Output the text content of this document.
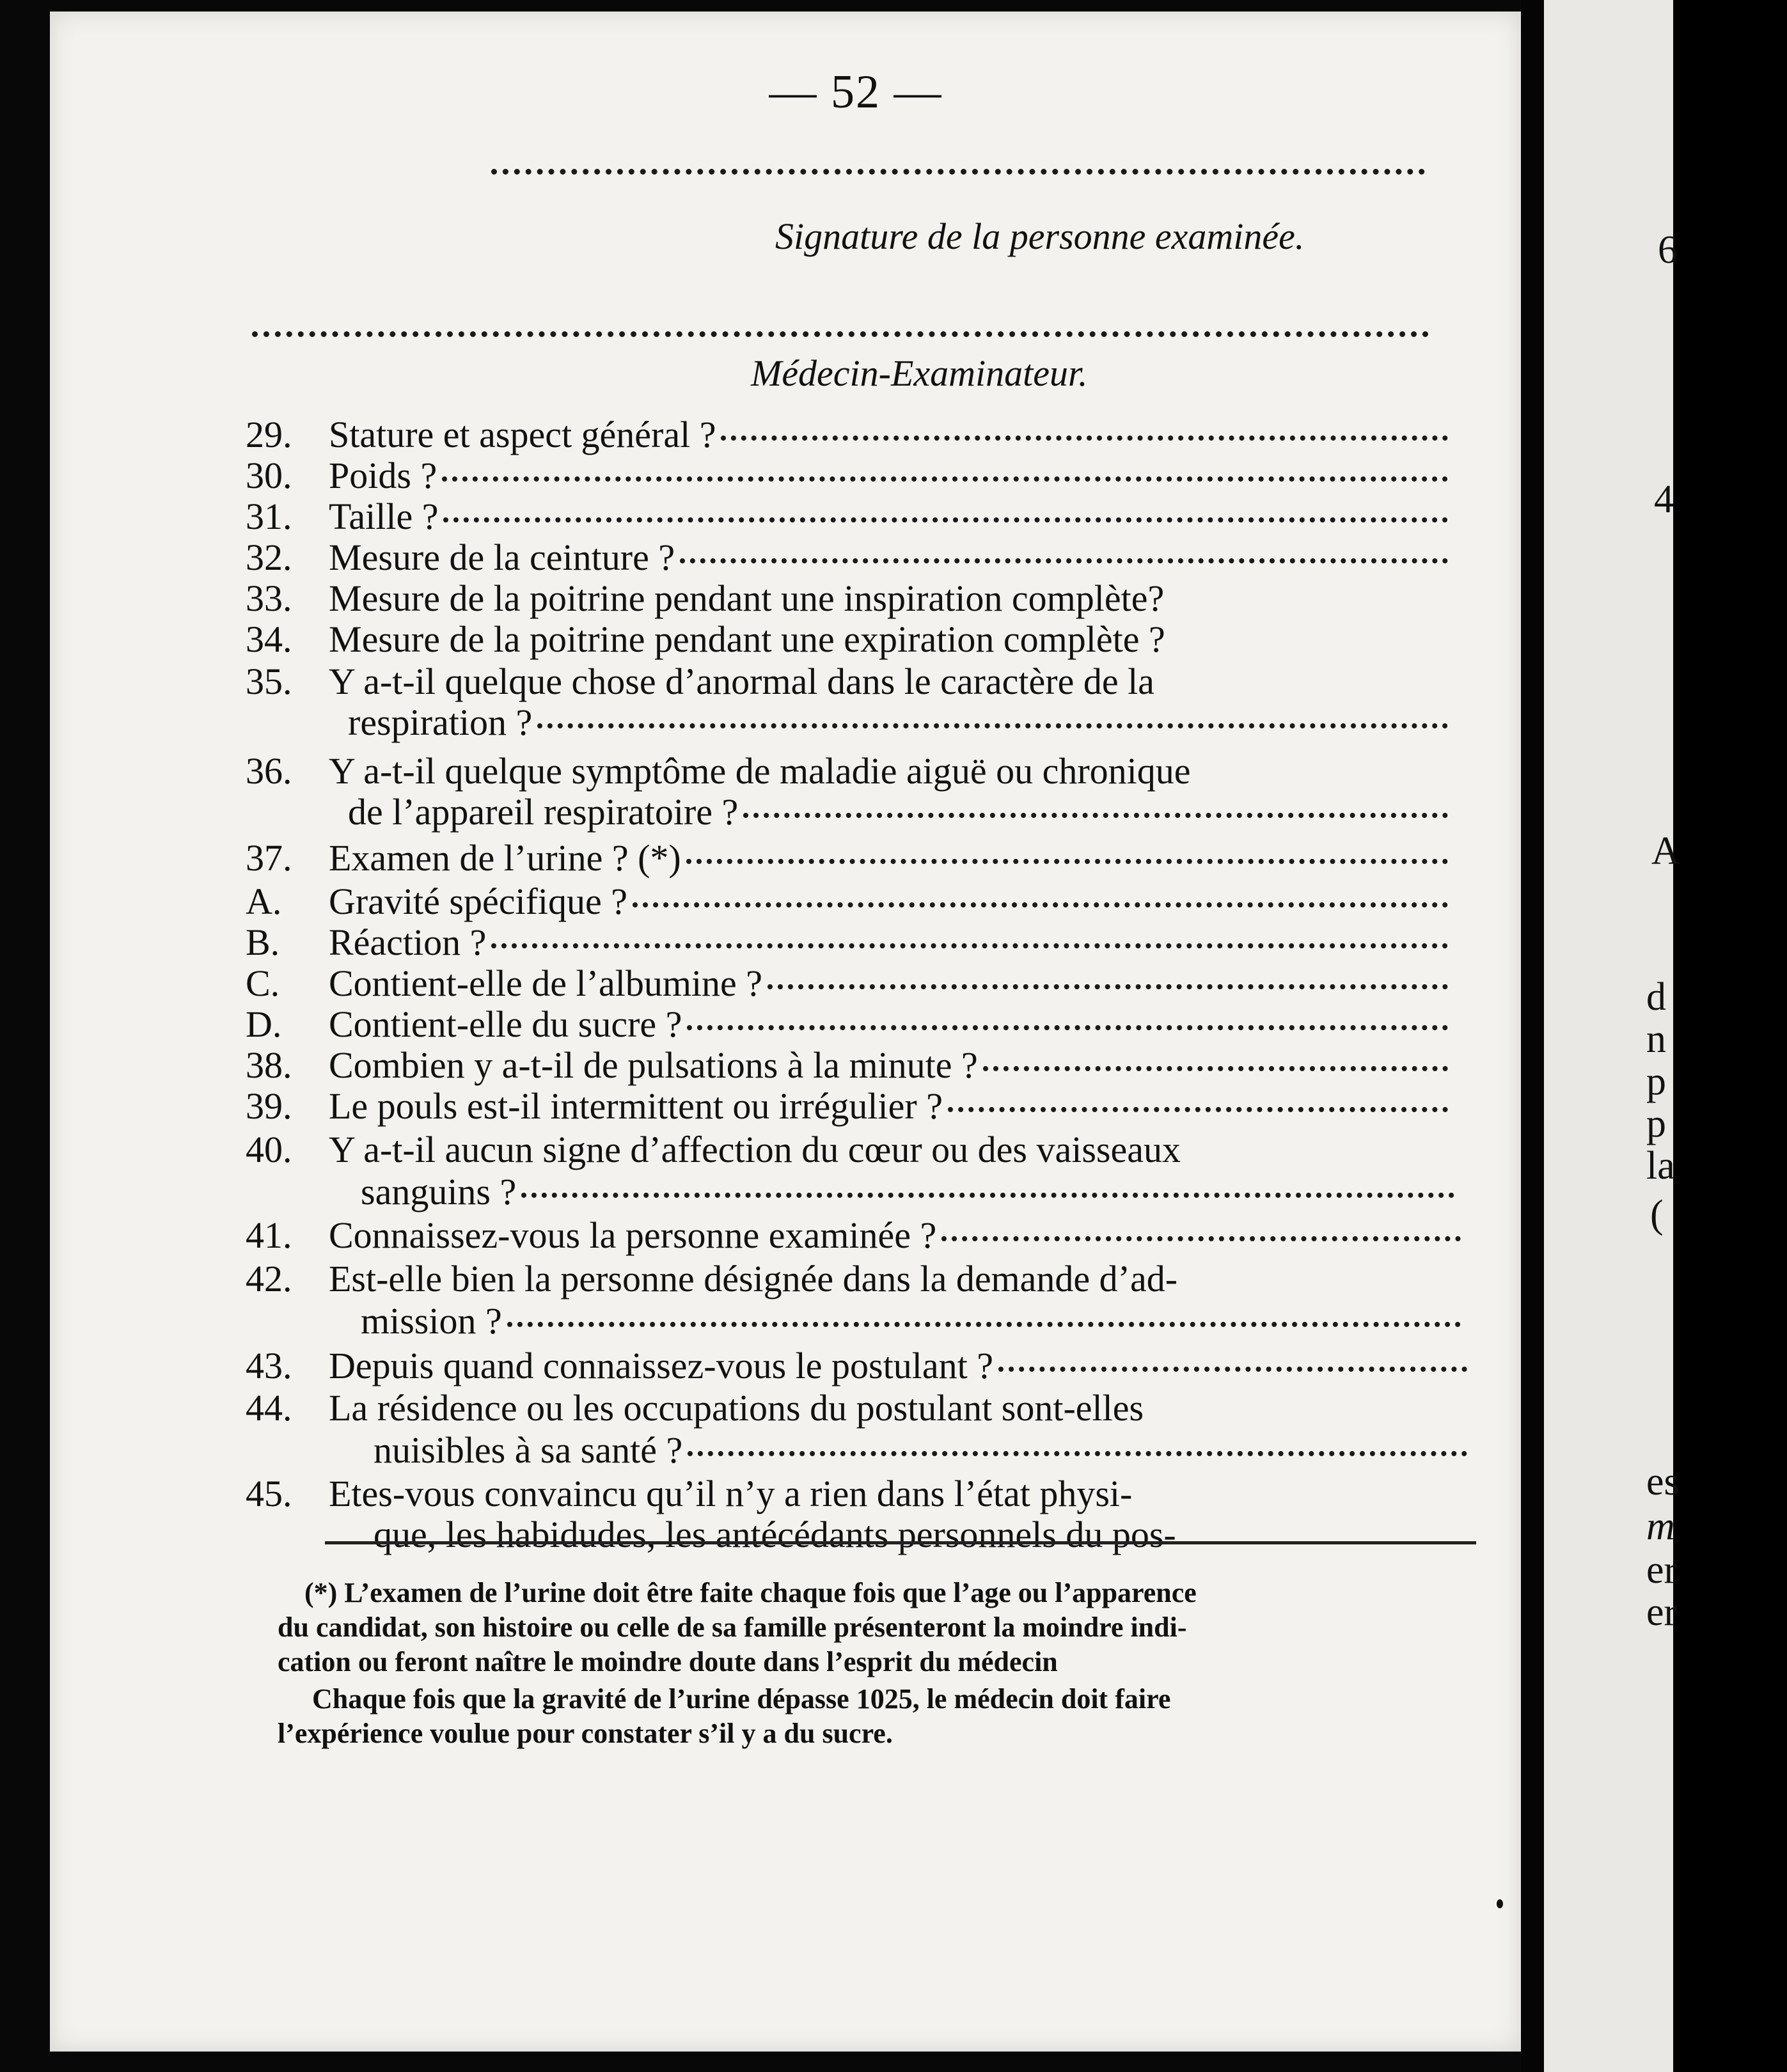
— 52 —
Signature de la personne examinée.
Médecin-Examinateur.
29. Stature et aspect général ?
30. Poids ?
31. Taille ?
32. Mesure de la ceinture ?
33. Mesure de la poitrine pendant une inspiration complète?
34. Mesure de la poitrine pendant une expiration complète ?
35. Y a-t-il quelque chose d’anormal dans le caractère de la
respiration ?
36. Y a-t-il quelque symptôme de maladie aiguë ou chronique
de l’appareil respiratoire ?
37. Examen de l’urine ? (*)
A.	Gravité spécifique ?
B.	Réaction ?
C.	Contient-elle de l’albumine ?
D.	Contient-elle du sucre ?
38. Combien y a-t-il de pulsations à la minute ?
39. Le pouls est-il intermittent ou irrégulier ?
40. Y a-t-il aucun signe d’affection du cœur ou des vaisseaux
sanguins ?
41. Connaissez-vous la personne examinée ?
42. Est-elle bien la personne désignée dans la demande d’ad-
mission ?
43. Depuis quand connaissez-vous le postulant ?
44. La résidence ou les occupations du postulant sont-elles
nuisibles à sa santé ?
45. Etes-vous convaincu qu’il n’y a rien dans l’état physi-
que, les habidudes, les antécédants personnels du pos-
(*) L’examen de l’urine doit être faite chaque fois que l’age ou l’apparence
du candidat, son histoire ou celle de sa famille présenteront la moindre indi-
cation ou feront naître le moindre doute dans l’esprit du médecin
Chaque fois que la gravité de l’urine dépasse 1025, le médecin doit faire
l’expérience voulue pour constater s’il y a du sucre.
6
4
A
d
n
p
p
la
(
es
m
er
er
